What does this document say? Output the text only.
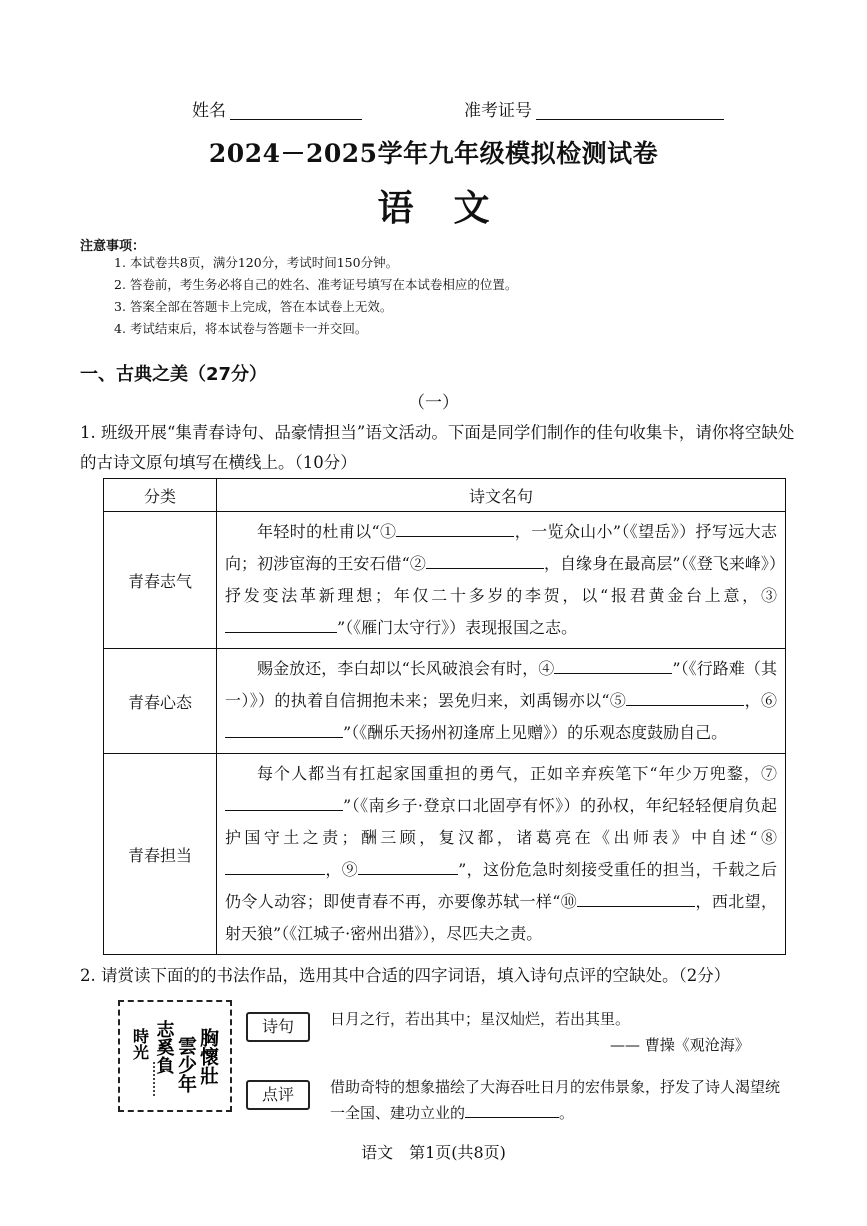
姓名	准考证号
2024－2025学年九年级模拟检测试卷
语文
注意事项：
1. 本试卷共8页，满分120分，考试时间150分钟。
2. 答卷前，考生务必将自己的姓名、准考证号填写在本试卷相应的位置。
3. 答案全部在答题卡上完成，答在本试卷上无效。
4. 考试结束后，将本试卷与答题卡一并交回。
一、古典之美（27分）
（一）
1. 班级开展“集青春诗句、品豪情担当”语文活动。下面是同学们制作的佳句收集卡，请你将空缺处的古诗文原句填写在横线上。（10分）
分类	诗文名句
青春志气	年轻时的杜甫以“① ，一览众山小”（《望岳》）抒写远大志向；初涉宦海的王安石借“② ，自缘身在最高层”（《登飞来峰》）抒发变法革新理想；年仅二十多岁的李贺，以“报君黄金台上意，③”（《雁门太守行》）表现报国之志。
青春心态	赐金放还，李白却以“长风破浪会有时，④ ”（《行路难（其一）》）的执着自信拥抱未来；罢免归来，刘禹锡亦以“⑤ ，⑥”（《酬乐天扬州初逢席上见赠》）的乐观态度鼓励自己。
青春担当	每个人都当有扛起家国重担的勇气，正如辛弃疾笔下“年少万兜鍪，⑦”（《南乡子·登京口北固亭有怀》）的孙权，年纪轻轻便肩负起护国守土之责；酬三顾，复汉都，诸葛亮在《出师表》中自述“⑧，⑨ ”，这份危急时刻接受重任的担当，千载之后仍令人动容；即使青春不再，亦要像苏轼一样“⑩ ，西北望，射天狼”（《江城子·密州出猎》），尽匹夫之责。
2. 请赏读下面的的书法作品，选用其中合适的四字词语，填入诗句点评的空缺处。（2分）
胸懷壯
雲少年
志奚負
時光
诗句
点评
日月之行，若出其中；星汉灿烂，若出其里。
—— 曹操《观沧海》
借助奇特的想象描绘了大海吞吐日月的宏伟景象，抒发了诗人渴望统一全国、建功立业的	。
语文　第1页(共8页)
